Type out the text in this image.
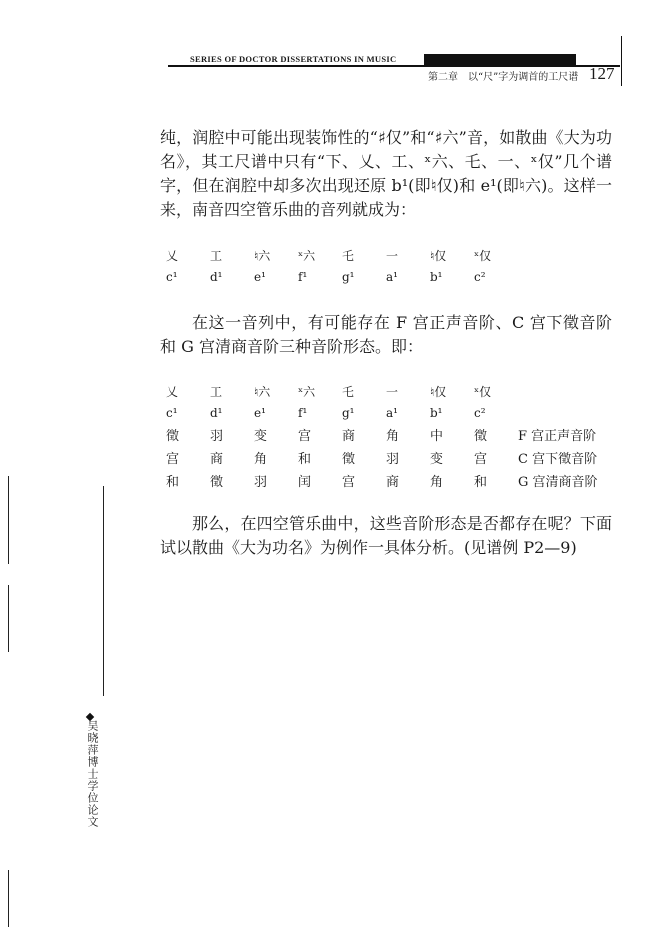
SERIES OF DOCTOR DISSERTATIONS IN MUSIC
第二章　以“尺”字为调首的工尺谱 127

纯，润腔中可能出现装饰性的“♯仅”和“♯六”音，如散曲《大为功名》，其工尺谱中只有“下、乂、工、ˣ六、乇、一、ˣ仅”几个谱字，但在润腔中却多次出现还原 b¹(即♮仅)和 e¹(即♮六)。这样一来，南音四空管乐曲的音列就成为：

乂	工	♮六	ˣ六	乇	一	♮仅	ˣ仅
c¹	d¹	e¹	f¹	g¹	a¹	b¹	c²

在这一音列中，有可能存在 F 宫正声音阶、C 宫下徵音阶和 G 宫清商音阶三种音阶形态。即：

乂	工	♮六	ˣ六	乇	一	♮仅	ˣ仅	
c¹	d¹	e¹	f¹	g¹	a¹	b¹	c²	
徵	羽	变	宫	商	角	中	徵	F 宫正声音阶
宫	商	角	和	徵	羽	变	宫	C 宫下徵音阶
和	徵	羽	闰	宫	商	角	和	G 宫清商音阶

那么，在四空管乐曲中，这些音阶形态是否都存在呢？下面试以散曲《大为功名》为例作一具体分析。(见谱例 P2—9)

吴晓萍博士学位论文
